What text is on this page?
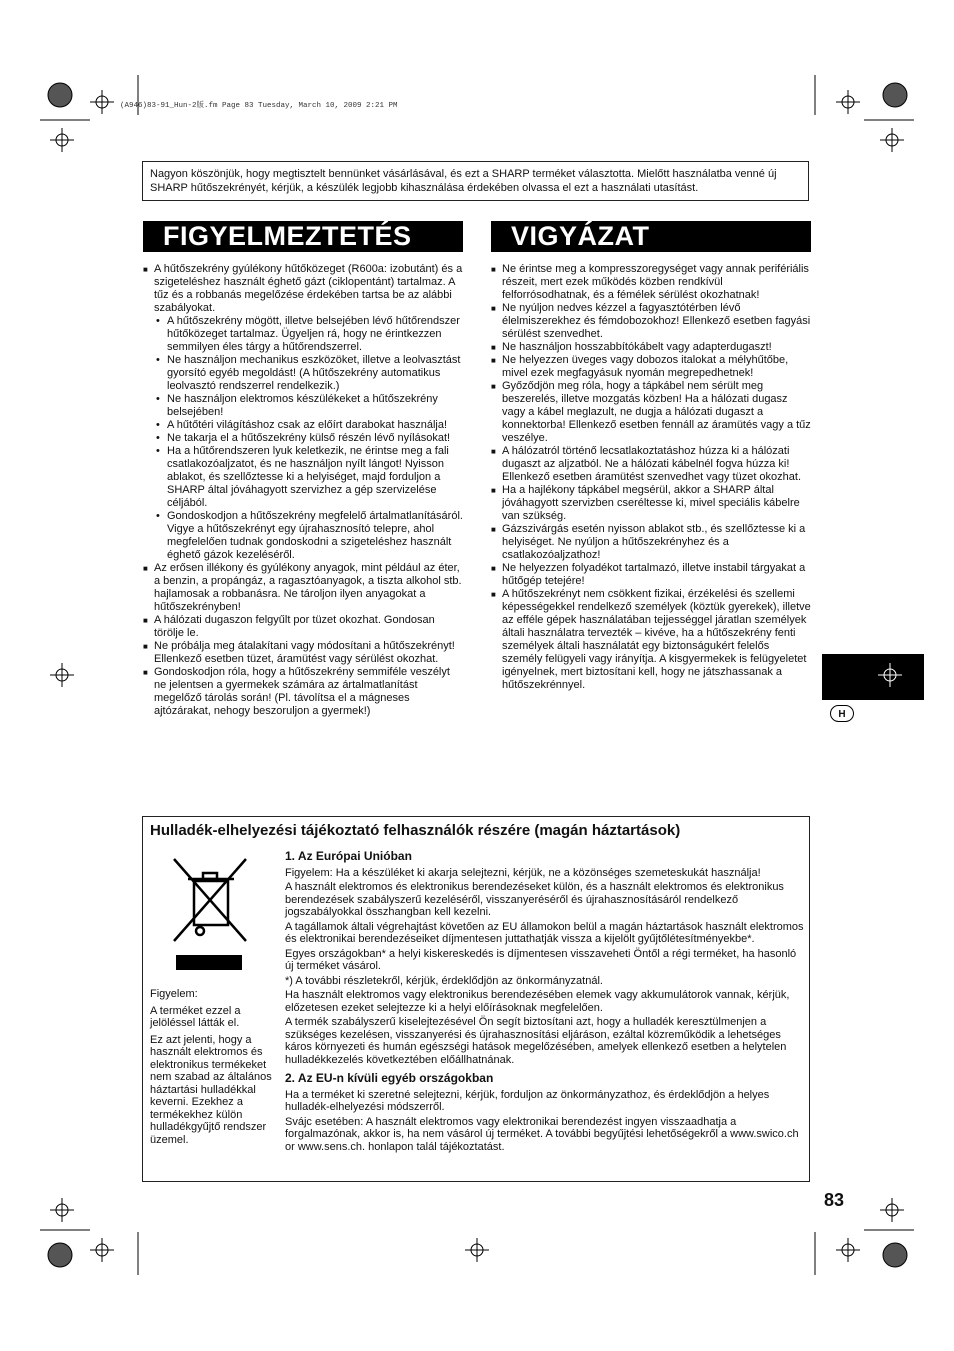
(A946)83-91_Hun-2版.fm Page 83 Tuesday, March 10, 2009 2:21 PM
Nagyon köszönjük, hogy megtisztelt bennünket vásárlásával, és ezt a SHARP terméket választotta. Mielőtt használatba venné új SHARP hűtőszekrényét, kérjük, a készülék legjobb kihasználása érdekében olvassa el ezt a használati utasítást.
FIGYELMEZTETÉS	VIGYÁZAT
■ A hűtőszekrény gyúlékony hűtőközeget (R600a: izobutánt) és a szigeteléshez használt éghető gázt (ciklopentánt) tartalmaz. A tűz és a robbanás megelőzése érdekében tartsa be az alábbi szabályokat.
• A hűtőszekrény mögött, illetve belsejében lévő hűtőrendszer hűtőközeget tartalmaz. Ügyeljen rá, hogy ne érintkezzen semmilyen éles tárgy a hűtőrendszerrel.
• Ne használjon mechanikus eszközöket, illetve a leolvasztást gyorsító egyéb megoldást! (A hűtőszekrény automatikus leolvasztó rendszerrel rendelkezik.)
• Ne használjon elektromos készülékeket a hűtőszekrény belsejében!
• A hűtőtéri világításhoz csak az előírt darabokat használja!
• Ne takarja el a hűtőszekrény külső részén lévő nyílásokat!
• Ha a hűtőrendszeren lyuk keletkezik, ne érintse meg a fali csatlakozóaljzatot, és ne használjon nyílt lángot! Nyisson ablakot, és szellőztesse ki a helyiséget, majd forduljon a SHARP által jóváhagyott szervizhez a gép szervizelése céljából.
• Gondoskodjon a hűtőszekrény megfelelő ártalmatlanításáról. Vigye a hűtőszekrényt egy újrahasznosító telepre, ahol megfelelően tudnak gondoskodni a szigeteléshez használt éghető gázok kezeléséről.
■ Az erősen illékony és gyúlékony anyagok, mint például az éter, a benzin, a propángáz, a ragasztóanyagok, a tiszta alkohol stb. hajlamosak a robbanásra. Ne tároljon ilyen anyagokat a hűtőszekrényben!
■ A hálózati dugaszon felgyűlt por tüzet okozhat. Gondosan törölje le.
■ Ne próbálja meg átalakítani vagy módosítani a hűtőszekrényt! Ellenkező esetben tüzet, áramütést vagy sérülést okozhat.
■ Gondoskodjon róla, hogy a hűtőszekrény semmiféle veszélyt ne jelentsen a gyermekek számára az ártalmatlanítást megelőző tárolás során! (Pl. távolítsa el a mágneses ajtózárakat, nehogy beszoruljon a gyermek!)
■ Ne érintse meg a kompresszoregységet vagy annak perifériális részeit, mert ezek működés közben rendkívül felforrósodhatnak, és a fémélek sérülést okozhatnak!
■ Ne nyúljon nedves kézzel a fagyasztótérben lévő élelmiszerekhez és fémdobozokhoz! Ellenkező esetben fagyási sérülést szenvedhet.
■ Ne használjon hosszabbítókábelt vagy adapterdugaszt!
■ Ne helyezzen üveges vagy dobozos italokat a mélyhűtőbe, mivel ezek megfagyásuk nyomán megrepedhetnek!
■ Győződjön meg róla, hogy a tápkábel nem sérült meg beszerelés, illetve mozgatás közben! Ha a hálózati dugasz vagy a kábel meglazult, ne dugja a hálózati dugaszt a konnektorba! Ellenkező esetben fennáll az áramütés vagy a tűz veszélye.
■ A hálózatról történő lecsatlakoztatáshoz húzza ki a hálózati dugaszt az aljzatból. Ne a hálózati kábelnél fogva húzza ki! Ellenkező esetben áramütést szenvedhet vagy tüzet okozhat.
■ Ha a hajlékony tápkábel megsérül, akkor a SHARP által jóváhagyott szervizben cseréltesse ki, mivel speciális kábelre van szükség.
■ Gázszivárgás esetén nyisson ablakot stb., és szellőztesse ki a helyiséget. Ne nyúljon a hűtőszekrényhez és a csatlakozóaljzathoz!
■ Ne helyezzen folyadékot tartalmazó, illetve instabil tárgyakat a hűtőgép tetejére!
■ A hűtőszekrényt nem csökkent fizikai, érzékelési és szellemi képességekkel rendelkező személyek (köztük gyerekek), illetve az efféle gépek használatában tejjességgel járatlan személyek általi használatra tervezték – kivéve, ha a hűtőszekrény fenti személyek általi használatát egy biztonságukért felelős személy felügyeli vagy irányítja. A kisgyermekek is felügyeletet igényelnek, mert biztosítani kell, hogy ne játszhassanak a hűtőszekrénnyel.
Hulladék-elhelyezési tájékoztató felhasználók részére (magán háztartások)

Figyelem:

A terméket ezzel a jelöléssel látták el.

Ez azt jelenti, hogy a használt elektromos és elektronikus termékeket nem szabad az általános háztartási hulladékkal keverni. Ezekhez a termékekhez külön hulladékgyűjtő rendszer üzemel.

1. Az Európai Unióban

Figyelem: Ha a készüléket ki akarja selejtezni, kérjük, ne a közönséges szemeteskukát használja!

A használt elektromos és elektronikus berendezéseket külön, és a használt elektromos és elektronikus berendezések szabályszerű kezeléséről, visszanyeréséről és újrahasznosításáról rendelkező jogszabályokkal összhangban kell kezelni.

A tagállamok általi végrehajtást követően az EU államokon belül a magán háztartások használt elektromos és elektronikai berendezéseiket díjmentesen juttathatják vissza a kijelölt gyűjtőlétesítményekbe*.

Egyes országokban* a helyi kiskereskedés is díjmentesen visszaveheti Öntől a régi terméket, ha hasonló új terméket vásárol.

*) A további részletekről, kérjük, érdeklődjön az önkormányzatnál.

Ha használt elektromos vagy elektronikus berendezésében elemek vagy akkumulátorok vannak, kérjük, előzetesen ezeket selejtezze ki a helyi előírásoknak megfelelően.

A termék szabályszerű kiselejtezésével Ön segít biztosítani azt, hogy a hulladék keresztülmenjen a szükséges kezelésen, visszanyerési és újrahasznosítási eljáráson, ezáltal közreműködik a lehetséges káros környezeti és humán egészségi hatások megelőzésében, amelyek ellenkező esetben a helytelen hulladékkezelés következtében előállhatnának.

2. Az EU-n kívüli egyéb országokban

Ha a terméket ki szeretné selejtezni, kérjük, forduljon az önkormányzathoz, és érdeklődjön a helyes hulladék-elhelyezési módszerről.

Svájc esetében: A használt elektromos vagy elektronikai berendezést ingyen visszaadhatja a forgalmazónak, akkor is, ha nem vásárol új terméket. A további begyűjtési lehetőségekről a www.swico.ch or www.sens.ch. honlapon talál tájékoztatást.

H
83
